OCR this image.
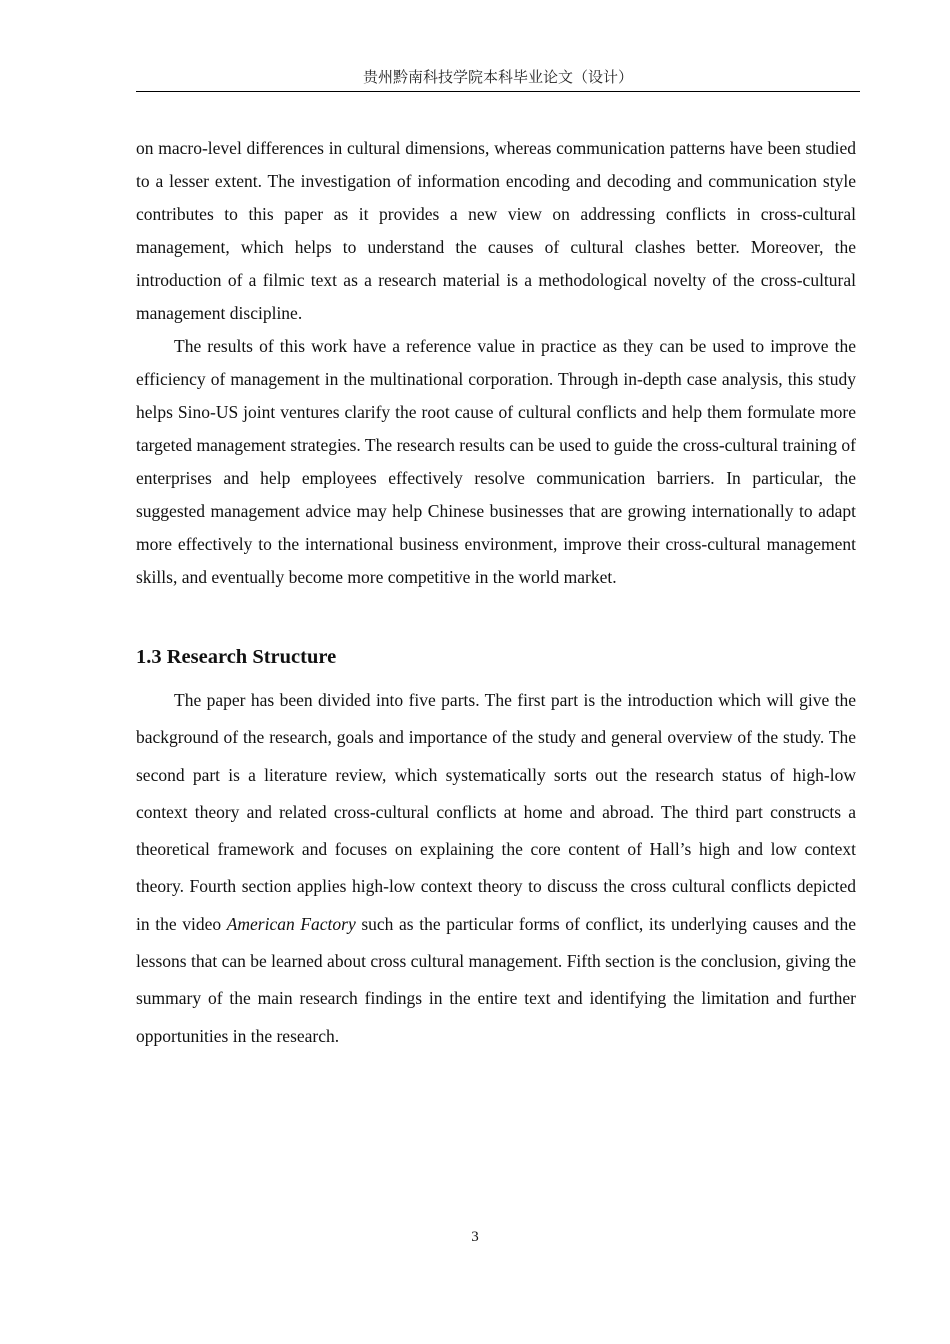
贵州黔南科技学院本科毕业论文（设计）

on macro-level differences in cultural dimensions, whereas communication patterns have been studied to a lesser extent. The investigation of information encoding and decoding and communication style contributes to this paper as it provides a new view on addressing conflicts in cross-cultural management, which helps to understand the causes of cultural clashes better. Moreover, the introduction of a filmic text as a research material is a methodological novelty of the cross-cultural management discipline.

The results of this work have a reference value in practice as they can be used to improve the efficiency of management in the multinational corporation. Through in-depth case analysis, this study helps Sino-US joint ventures clarify the root cause of cultural conflicts and help them formulate more targeted management strategies. The research results can be used to guide the cross-cultural training of enterprises and help employees effectively resolve communication barriers. In particular, the suggested management advice may help Chinese businesses that are growing internationally to adapt more effectively to the international business environment, improve their cross-cultural management skills, and eventually become more competitive in the world market.

1.3 Research Structure

The paper has been divided into five parts. The first part is the introduction which will give the background of the research, goals and importance of the study and general overview of the study. The second part is a literature review, which systematically sorts out the research status of high-low context theory and related cross-cultural conflicts at home and abroad. The third part constructs a theoretical framework and focuses on explaining the core content of Hall’s high and low context theory. Fourth section applies high-low context theory to discuss the cross cultural conflicts depicted in the video American Factory such as the particular forms of conflict, its underlying causes and the lessons that can be learned about cross cultural management. Fifth section is the conclusion, giving the summary of the main research findings in the entire text and identifying the limitation and further opportunities in the research.

3
